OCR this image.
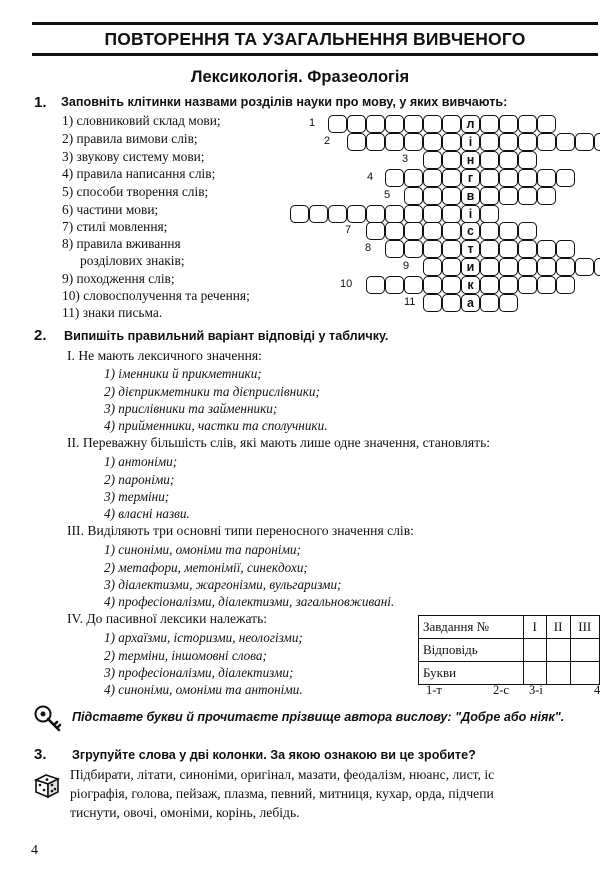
ПОВТОРЕННЯ ТА УЗАГАЛЬНЕННЯ ВИВЧЕНОГО
Лексикологія. Фразеологія
1. Заповніть клітинки назвами розділів науки про мову, у яких вивчають:
1) словниковий склад мови;
2) правила вимови слів;
3) звукову систему мови;
4) правила написання слів;
5) способи творення слів;
6) частини мови;
7) стилі мовлення;
8) правила вживання
розділових знаків;
9) походження слів;
10) словосполучення та речення;
11) знаки письма.
1	л
2	і
3	н
4	г
5	в
і
7	с
8	т
9	и
10	к
11	а
2. Випишіть правильний варіант відповіді у табличку.
I. Не мають лексичного значення:
1) іменники й прикметники;
2) дієприкметники та дієприслівники;
3) прислівники та займенники;
4) прийменники, частки та сполучники.
II. Переважну більшість слів, які мають лише одне значення, становлять:
1) антоніми;
2) пароніми;
3) терміни;
4) власні назви.
III. Виділяють три основні типи переносного значення слів:
1) синоніми, омоніми та пароніми;
2) метафори, метонімії, синекдохи;
3) діалектизми, жаргонізми, вульгаризми;
4) професіоналізми, діалектизми, загальновживані.
IV. До пасивної лексики належать:
1) архаїзми, історизми, неологізми;
2) терміни, іншомовні слова;
3) професіоналізми, діалектизми;
4) синоніми, омоніми та антоніми.
Завдання №	I	II	III
Відповідь			
Букви			
1-т	2-с 3-і	4
Підставте букви й прочитаєте прізвище автора вислову: "Добре або ніяк".
3. Згрупуйте слова у дві колонки. За якою ознакою ви це зробите?
Підбирати, літати, синоніми, оригінал, мазати, феодалізм, нюанс, лист, іс
ріографія, голова, пейзаж, плазма, певний, митниця, кухар, орда, підчепи
тиснути, овочі, омоніми, корінь, лебідь.
4
